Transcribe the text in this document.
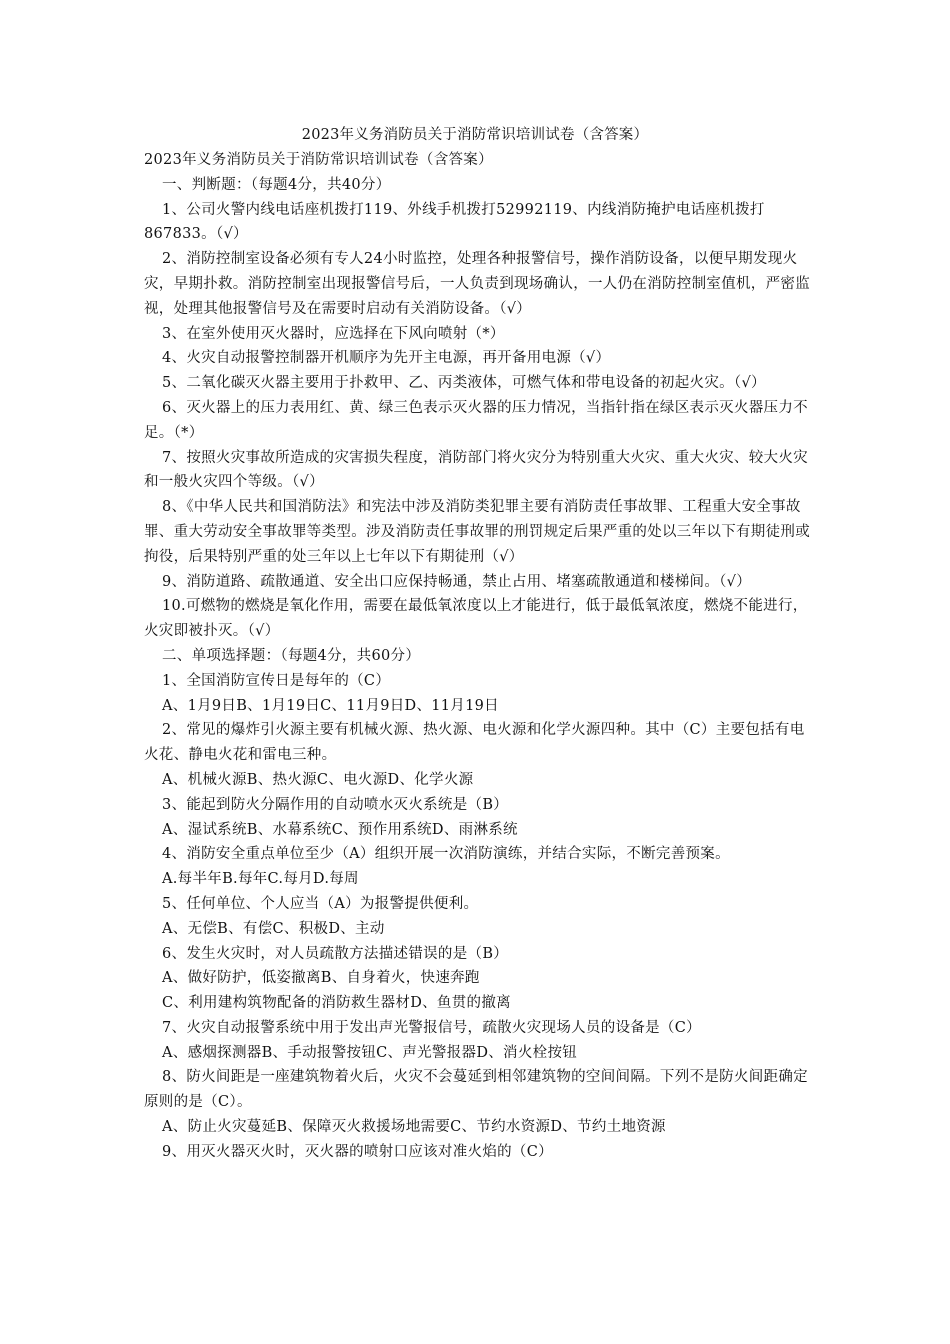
2023年义务消防员关于消防常识培训试卷（含答案）

2023年义务消防员关于消防常识培训试卷（含答案）

一、判断题：（每题4分，共40分）

1、公司火警内线电话座机拨打119、外线手机拨打52992119、内线消防掩护电话座机拨打867833。（√）

2、消防控制室设备必须有专人24小时监控，处理各种报警信号，操作消防设备，以便早期发现火灾，早期扑救。消防控制室出现报警信号后，一人负责到现场确认，一人仍在消防控制室值机，严密监视，处理其他报警信号及在需要时启动有关消防设备。（√）

3、在室外使用灭火器时，应选择在下风向喷射（*）

4、火灾自动报警控制器开机顺序为先开主电源，再开备用电源（√）

5、二氧化碳灭火器主要用于扑救甲、乙、丙类液体，可燃气体和带电设备的初起火灾。（√）

6、灭火器上的压力表用红、黄、绿三色表示灭火器的压力情况，当指针指在绿区表示灭火器压力不足。（*）

7、按照火灾事故所造成的灾害损失程度，消防部门将火灾分为特别重大火灾、重大火灾、较大火灾和一般火灾四个等级。（√）

8、《中华人民共和国消防法》和宪法中涉及消防类犯罪主要有消防责任事故罪、工程重大安全事故罪、重大劳动安全事故罪等类型。涉及消防责任事故罪的刑罚规定后果严重的处以三年以下有期徒刑或拘役，后果特别严重的处三年以上七年以下有期徒刑（√）

9、消防道路、疏散通道、安全出口应保持畅通，禁止占用、堵塞疏散通道和楼梯间。（√）

10.可燃物的燃烧是氧化作用，需要在最低氧浓度以上才能进行，低于最低氧浓度，燃烧不能进行，火灾即被扑灭。（√）

二、单项选择题：（每题4分，共60分）

1、全国消防宣传日是每年的（C）

A、1月9日B、1月19日C、11月9日D、11月19日

2、常见的爆炸引火源主要有机械火源、热火源、电火源和化学火源四种。其中（C）主要包括有电火花、静电火花和雷电三种。

A、机械火源B、热火源C、电火源D、化学火源

3、能起到防火分隔作用的自动喷水灭火系统是（B）

A、湿试系统B、水幕系统C、预作用系统D、雨淋系统

4、消防安全重点单位至少（A）组织开展一次消防演练，并结合实际，不断完善预案。

A.每半年B.每年C.每月D.每周

5、任何单位、个人应当（A）为报警提供便利。

A、无偿B、有偿C、积极D、主动

6、发生火灾时，对人员疏散方法描述错误的是（B）

A、做好防护，低姿撤离B、自身着火，快速奔跑

C、利用建构筑物配备的消防救生器材D、鱼贯的撤离

7、火灾自动报警系统中用于发出声光警报信号，疏散火灾现场人员的设备是（C）

A、感烟探测器B、手动报警按钮C、声光警报器D、消火栓按钮

8、防火间距是一座建筑物着火后，火灾不会蔓延到相邻建筑物的空间间隔。下列不是防火间距确定原则的是（C）。

A、防止火灾蔓延B、保障灭火救援场地需要C、节约水资源D、节约土地资源

9、用灭火器灭火时，灭火器的喷射口应该对准火焰的（C）
